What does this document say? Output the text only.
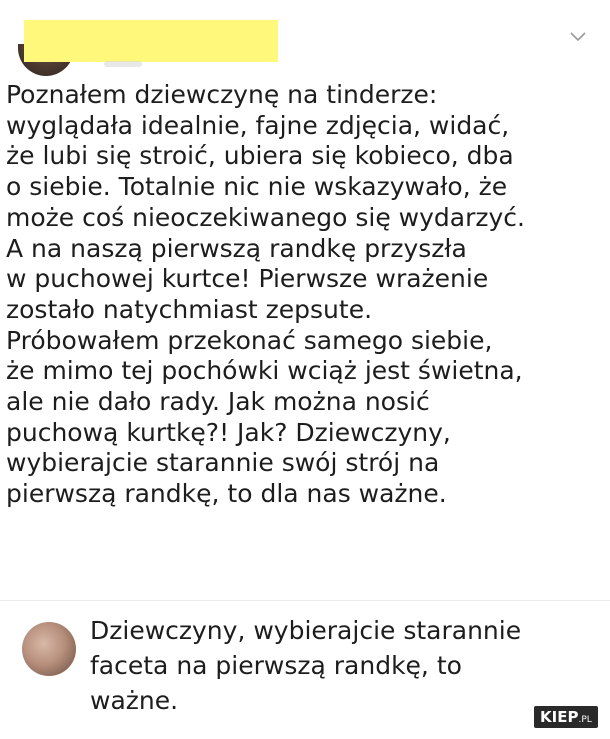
Poznałem dziewczynę na tinderze:
wyglądała idealnie, fajne zdjęcia, widać,
że lubi się stroić, ubiera się kobieco, dba
o siebie. Totalnie nic nie wskazywało, że
może coś nieoczekiwanego się wydarzyć.
A na naszą pierwszą randkę przyszła
w puchowej kurtce! Pierwsze wrażenie
zostało natychmiast zepsute.
Próbowałem przekonać samego siebie,
że mimo tej pochówki wciąż jest świetna,
ale nie dało rady. Jak można nosić
puchową kurtkę?! Jak? Dziewczyny,
wybierajcie starannie swój strój na
pierwszą randkę, to dla nas ważne.

Dziewczyny, wybierajcie starannie
faceta na pierwszą randkę, to
ważne.

KIEP.PL
